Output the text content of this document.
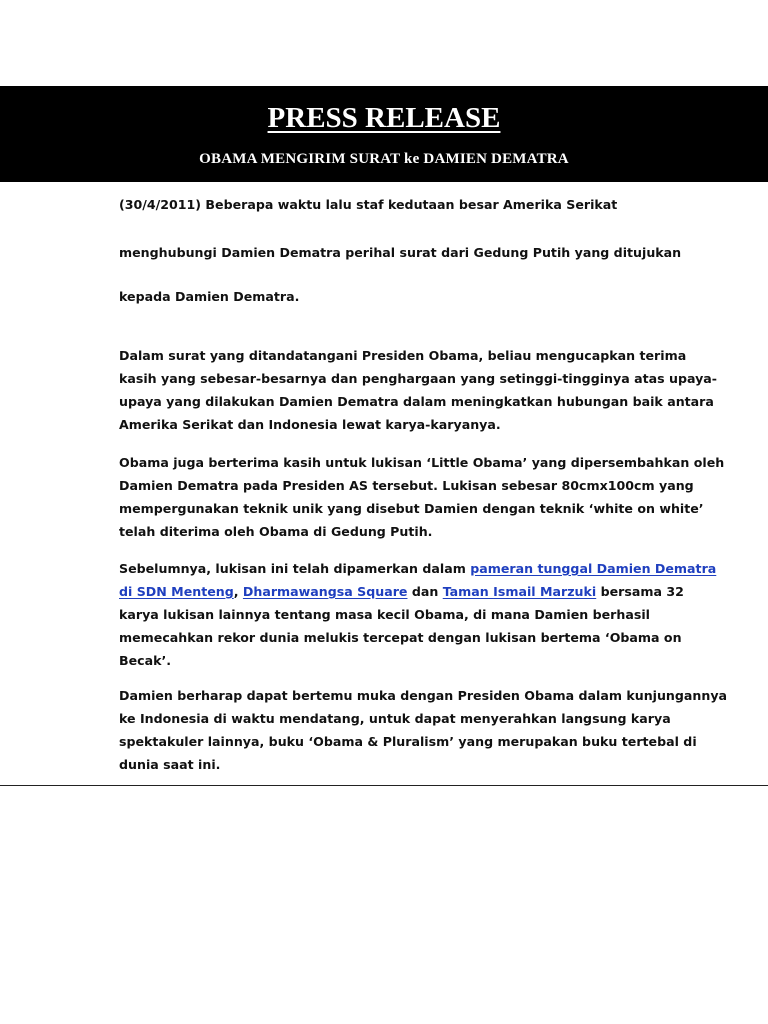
PRESS RELEASE
OBAMA MENGIRIM SURAT ke DAMIEN DEMATRA
(30/4/2011) Beberapa waktu lalu staf kedutaan besar Amerika Serikat
menghubungi Damien Dematra perihal surat dari Gedung Putih yang ditujukan
kepada Damien Dematra.
Dalam surat yang ditandatangani Presiden Obama, beliau mengucapkan terima
kasih yang sebesar-besarnya dan penghargaan yang setinggi-tingginya atas upaya-
upaya yang dilakukan Damien Dematra dalam meningkatkan hubungan baik antara
Amerika Serikat dan Indonesia lewat karya-karyanya.
Obama juga berterima kasih untuk lukisan ‘Little Obama’ yang dipersembahkan oleh
Damien Dematra pada Presiden AS tersebut. Lukisan sebesar 80cmx100cm yang
mempergunakan teknik unik yang disebut Damien dengan teknik ‘white on white’
telah diterima oleh Obama di Gedung Putih.
Sebelumnya, lukisan ini telah dipamerkan dalam pameran tunggal Damien Dematra
di SDN Menteng, Dharmawangsa Square dan Taman Ismail Marzuki bersama 32
karya lukisan lainnya tentang masa kecil Obama, di mana Damien berhasil
memecahkan rekor dunia melukis tercepat dengan lukisan bertema ‘Obama on
Becak’.
Damien berharap dapat bertemu muka dengan Presiden Obama dalam kunjungannya
ke Indonesia di waktu mendatang, untuk dapat menyerahkan langsung karya
spektakuler lainnya, buku ‘Obama & Pluralism’ yang merupakan buku tertebal di
dunia saat ini.
